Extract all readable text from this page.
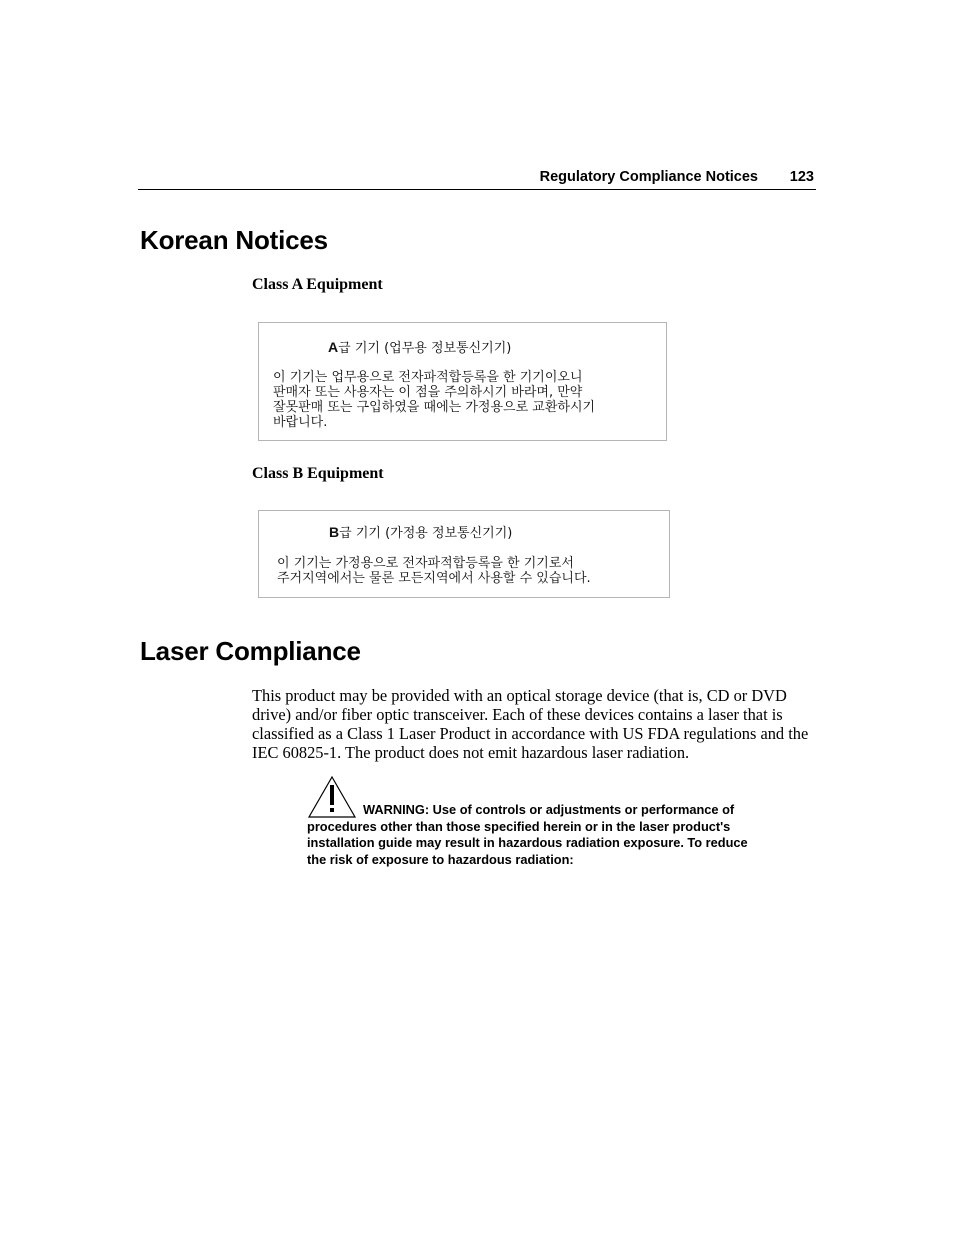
Regulatory Compliance Notices 123
Korean Notices

Class A Equipment

A급 기기 (업무용 정보통신기기)
이 기기는 업무용으로 전자파적합등록을 한 기기이오니
판매자 또는 사용자는 이 점을 주의하시기 바라며, 만약
잘못판매 또는 구입하였을 때에는 가정용으로 교환하시기
바랍니다.

Class B Equipment

B급 기기 (가정용 정보통신기기)
이 기기는 가정용으로 전자파적합등록을 한 기기로서
주거지역에서는 물론 모든지역에서 사용할 수 있습니다.
Laser Compliance

This product may be provided with an optical storage device (that is, CD or DVD drive) and/or fiber optic transceiver. Each of these devices contains a laser that is classified as a Class 1 Laser Product in accordance with US FDA regulations and the IEC 60825-1. The product does not emit hazardous laser radiation.

WARNING: Use of controls or adjustments or performance of procedures other than those specified herein or in the laser product's installation guide may result in hazardous radiation exposure. To reduce the risk of exposure to hazardous radiation:
